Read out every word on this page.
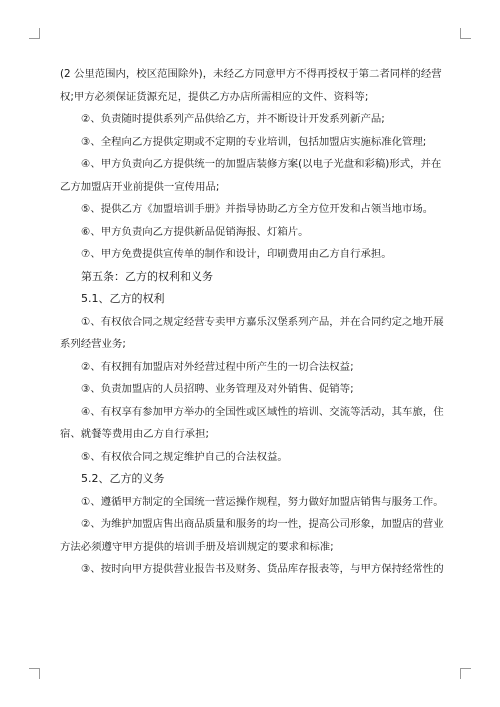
(2 公里范围内，校区范围除外)，未经乙方同意甲方不得再授权于第二者同样的经营权;甲方必须保证货源充足，提供乙方办店所需相应的文件、资料等;

②、负责随时提供系列产品供给乙方，并不断设计开发系列新产品;

③、全程向乙方提供定期或不定期的专业培训，包括加盟店实施标准化管理;

④、甲方负责向乙方提供统一的加盟店装修方案(以电子光盘和彩稿)形式，并在乙方加盟店开业前提供一宣传用品;

⑤、提供乙方《加盟培训手册》并指导协助乙方全方位开发和占领当地市场。

⑥、甲方负责向乙方提供新品促销海报、灯箱片。

⑦、甲方免费提供宣传单的制作和设计，印刷费用由乙方自行承担。

第五条：乙方的权利和义务

5.1、乙方的权利

①、有权依合同之规定经营专卖甲方嘉乐汉堡系列产品，并在合同约定之地开展系列经营业务;

②、有权拥有加盟店对外经营过程中所产生的一切合法权益;

③、负责加盟店的人员招聘、业务管理及对外销售、促销等;

④、有权享有参加甲方举办的全国性或区域性的培训、交流等活动，其车旅，住宿、就餐等费用由乙方自行承担;

⑤、有权依合同之规定维护自己的合法权益。

5.2、乙方的义务

①、遵循甲方制定的全国统一营运操作规程，努力做好加盟店销售与服务工作。

②、为维护加盟店售出商品质量和服务的均一性，提高公司形象，加盟店的营业方法必须遵守甲方提供的培训手册及培训规定的要求和标准;

③、按时向甲方提供营业报告书及财务、货品库存报表等，与甲方保持经常性的
